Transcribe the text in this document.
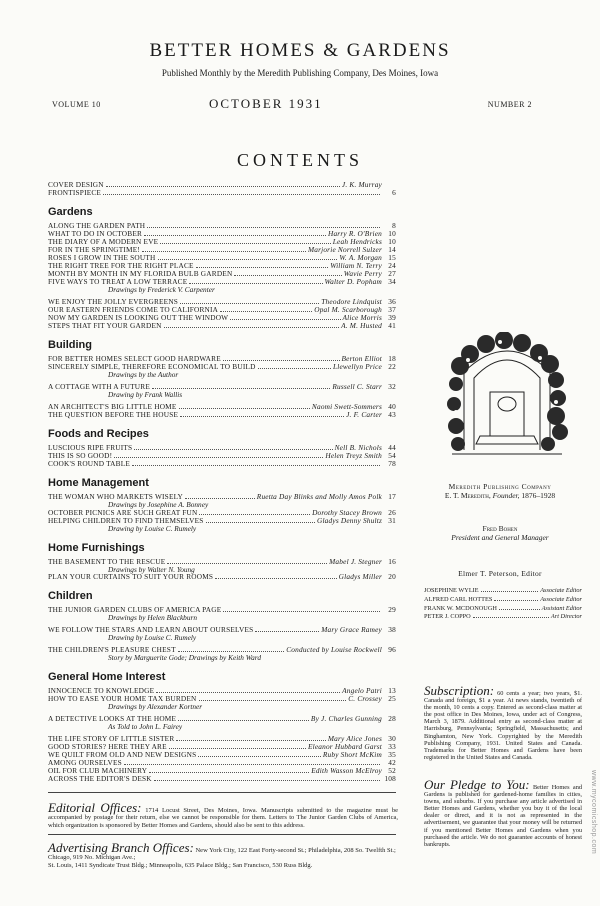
BETTER HOMES & GARDENS
Published Monthly by the Meredith Publishing Company, Des Moines, Iowa
VOLUME 10	OCTOBER 1931	NUMBER 2
CONTENTS
COVER DESIGN	J. K. Murray
FRONTISPIECE	6
Gardens
ALONG THE GARDEN PATH	8
WHAT TO DO IN OCTOBER	Harry R. O'Brien 10
THE DIARY OF A MODERN EVE	Leah Hendricks 10
FOR IN THE SPRINGTIME!	Marjorie Norrell Sulzer 14
ROSES I GROW IN THE SOUTH	W. A. Morgan 15
THE RIGHT TREE FOR THE RIGHT PLACE	William N. Terry 24
MONTH BY MONTH IN MY FLORIDA BULB GARDEN	Wavie Perry 27
FIVE WAYS TO TREAT A LOW TERRACE	Walter D. Popham 34
Drawings by Frederick V. Carpenter
WE ENJOY THE JOLLY EVERGREENS	Theodore Lindquist 36
OUR EASTERN FRIENDS COME TO CALIFORNIA	Opal M. Scarborough 37
NOW MY GARDEN IS LOOKING OUT THE WINDOW	Alice Morris 39
STEPS THAT FIT YOUR GARDEN	A. M. Husted 41
Building
FOR BETTER HOMES SELECT GOOD HARDWARE	Berton Elliot 18
SINCERELY SIMPLE, THEREFORE ECONOMICAL TO BUILD	Llewellyn Price 22
Drawings by the Author
A COTTAGE WITH A FUTURE	Russell C. Starr 32
Drawing by Frank Wallis
AN ARCHITECT'S BIG LITTLE HOME	Naomi Swett-Sommers 40
THE QUESTION BEFORE THE HOUSE	J. F. Carter 43
Foods and Recipes
LUSCIOUS RIPE FRUITS	Nell B. Nichols 44
THIS IS SO GOOD!	Helen Treyz Smith 54
COOK'S ROUND TABLE	78
Home Management
THE WOMAN WHO MARKETS WISELY	Ruetta Day Blinks and Molly Amos Polk 17
Drawings by Josephine A. Bonney
OCTOBER PICNICS ARE SUCH GREAT FUN	Dorothy Stacey Brown 26
HELPING CHILDREN TO FIND THEMSELVES	Gladys Denny Shultz 31
Drawing by Louise C. Rumely
Home Furnishings
THE BASEMENT TO THE RESCUE	Mabel J. Stegner 16
Drawings by Walter N. Young
PLAN YOUR CURTAINS TO SUIT YOUR ROOMS	Gladys Miller 20
Children
THE JUNIOR GARDEN CLUBS OF AMERICA PAGE	29
Drawings by Helen Blackburn
WE FOLLOW THE STARS AND LEARN ABOUT OURSELVES	Mary Grace Ramey 38
Drawing by Louise C. Rumely
THE CHILDREN'S PLEASURE CHEST	Conducted by Louise Rockwell 96
Story by Marguerite Gode; Drawings by Keith Ward
General Home Interest
INNOCENCE TO KNOWLEDGE	Angelo Patri 13
HOW TO EASE YOUR HOME TAX BURDEN	C. Crossey 25
Drawings by Alexander Kortner
A DETECTIVE LOOKS AT THE HOME	By J. Charles Gunning 28
As Told to John L. Fairey
THE LIFE STORY OF LITTLE SISTER	Mary Alice Jones 30
GOOD STORIES? HERE THEY ARE	Eleanor Hubbard Garst 33
WE QUILT FROM OLD AND NEW DESIGNS	Ruby Short McKim 35
AMONG OURSELVES	42
OIL FOR CLUB MACHINERY	Edith Wasson McElroy 52
ACROSS THE EDITOR'S DESK	108
Meredith Publishing Company
E. T. Meredith, Founder, 1876–1928
Fred Bohen
President and General Manager
Elmer T. Peterson, Editor
JOSEPHINE WYLIE	Associate Editor
ALFRED CARL HOTTES	Associate Editor
FRANK W. MCDONOUGH	Assistant Editor
PETER J. COPPO	Art Director
Subscription: 60 cents a year; two years, $1. Canada and foreign, $1 a year. At news stands, twentieth of the month, 10 cents a copy. Entered as second-class matter at the post office in Des Moines, Iowa, under act of Congress, March 3, 1879. Additional entry as second-class matter at Harrisburg, Pennsylvania; Springfield, Massachusetts; and Binghamton, New York. Copyrighted by the Meredith Publishing Company, 1931. United States and Canada. Trademarks for Better Homes and Gardens have been registered in the United States and Canada.
Our Pledge to You: Better Homes and Gardens is published for gardened-home families in cities, towns, and suburbs. If you purchase any article advertised in Better Homes and Gardens, whether you buy it of the local dealer or direct, and it is not as represented in the advertisement, we guarantee that your money will be returned if you mentioned Better Homes and Gardens when you purchased the article. We do not guarantee accounts of honest bankrupts.
Editorial Offices: 1714 Locust Street, Des Moines, Iowa. Manuscripts submitted to the magazine must be accompanied by postage for their return, else we cannot be responsible for them. Letters to The Junior Garden Clubs of America, which organization is sponsored by Better Homes and Gardens, should also be sent to this address.
Advertising Branch Offices: New York City, 122 East Forty-second St.; Philadelphia, 208 So. Twelfth St.; Chicago, 919 No. Michigan Ave.;
St. Louis, 1411 Syndicate Trust Bldg.; Minneapolis, 635 Palace Bldg.; San Francisco, 530 Russ Bldg.
www.mycomicshop.com
